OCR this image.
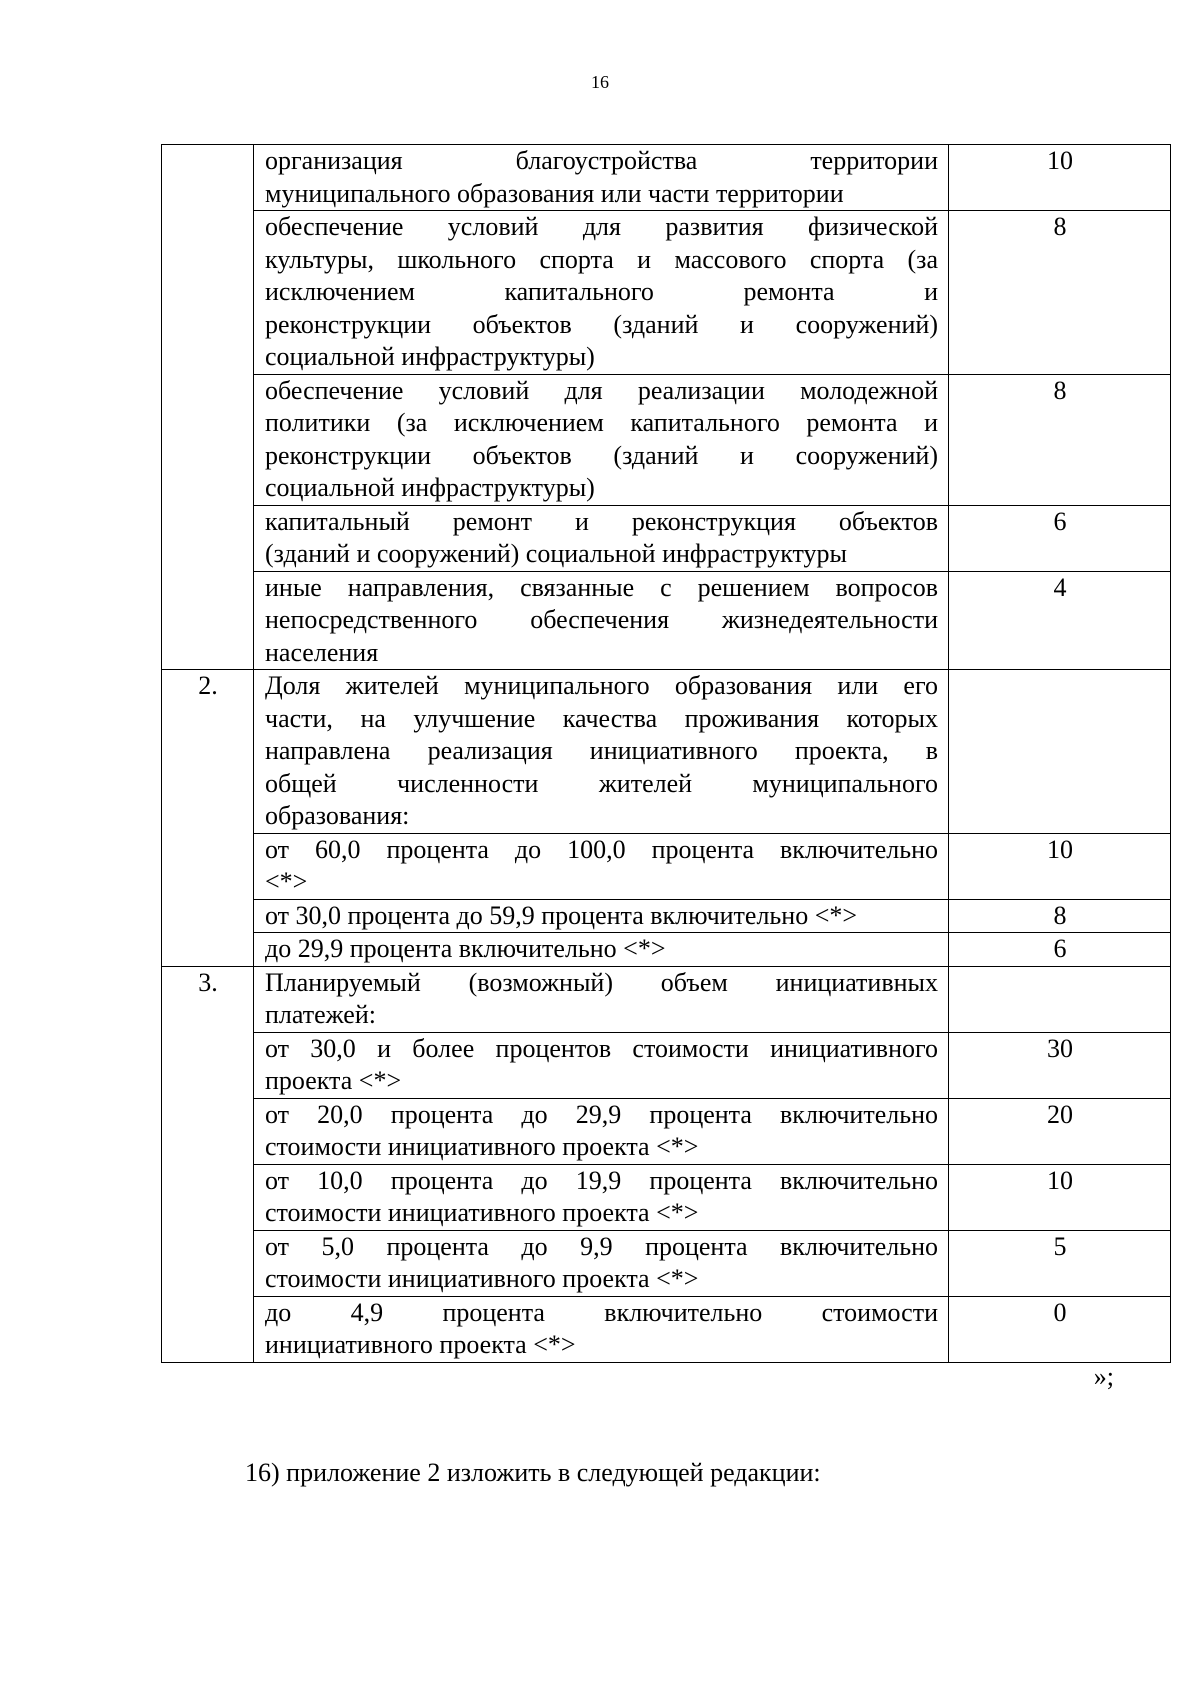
16

	организация благоустройства территории
муниципального образования или части территории	10

	обеспечение условий для развития физической
культуры, школьного спорта и массового спорта (за
исключением капитального ремонта и
реконструкции объектов (зданий и сооружений)
социальной инфраструктуры)	8

	обеспечение условий для реализации молодежной
политики (за исключением капитального ремонта и
реконструкции объектов (зданий и сооружений)
социальной инфраструктуры)	8

	капитальный ремонт и реконструкция объектов
(зданий и сооружений) социальной инфраструктуры	6

	иные направления, связанные с решением вопросов
непосредственного обеспечения жизнедеятельности
населения	4
2.	Доля жителей муниципального образования или его
части, на улучшение качества проживания которых
направлена реализация инициативного проекта, в
общей численности жителей муниципального
образования:	

	от 60,0 процента до 100,0 процента включительно
<*>	10

	от 30,0 процента до 59,9 процента включительно <*>	8

	до 29,9 процента включительно <*>	6
3.	Планируемый (возможный) объем инициативных
платежей:	

	от 30,0 и более процентов стоимости инициативного
проекта <*>	30

	от 20,0 процента до 29,9 процента включительно
стоимости инициативного проекта <*>	20

	от 10,0 процента до 19,9 процента включительно
стоимости инициативного проекта <*>	10

	от 5,0 процента до 9,9 процента включительно
стоимости инициативного проекта <*>	5

	до 4,9 процента включительно стоимости
инициативного проекта <*>	0
»;
16) приложение 2 изложить в следующей редакции:
